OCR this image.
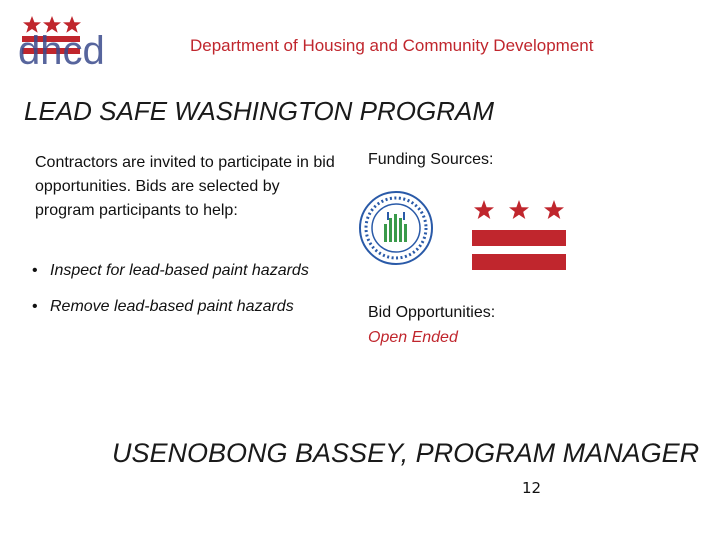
dhcd	Department of Housing and Community Development
LEAD SAFE WASHINGTON PROGRAM
Contractors are invited to participate in bid opportunities. Bids are selected by program participants to help:
• Inspect for lead-based paint hazards
• Remove lead-based paint hazards
Funding Sources:
Bid Opportunities:
Open Ended
USENOBONG BASSEY, PROGRAM MANAGER
12
